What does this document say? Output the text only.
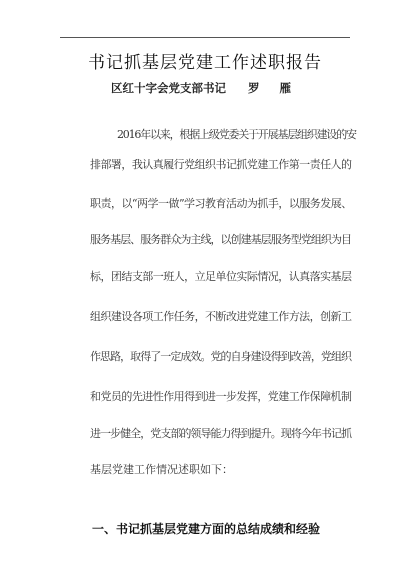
书记抓基层党建工作述职报告
区红十字会党支部书记 罗 雁
2016年以来，根据上级党委关于开展基层组织建设的安
排部署，我认真履行党组织书记抓党建工作第一责任人的
职责，以“两学一做”学习教育活动为抓手，以服务发展、
服务基层、服务群众为主线，以创建基层服务型党组织为目
标，团结支部一班人，立足单位实际情况，认真落实基层
组织建设各项工作任务，不断改进党建工作方法，创新工
作思路，取得了一定成效。党的自身建设得到改善，党组织
和党员的先进性作用得到进一步发挥，党建工作保障机制
进一步健全，党支部的领导能力得到提升。现将今年书记抓
基层党建工作情况述职如下：
一、书记抓基层党建方面的总结成绩和经验
